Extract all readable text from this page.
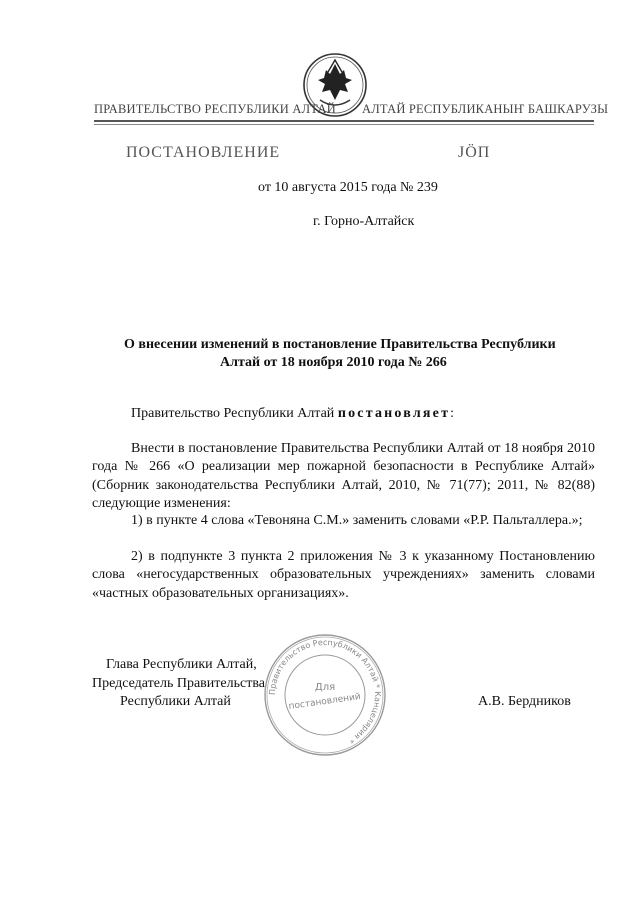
ПРАВИТЕЛЬСТВО РЕСПУБЛИКИ АЛТАЙ АЛТАЙ РЕСПУБЛИКАНЫҤ БАШКАРУЗЫ
ПОСТАНОВЛЕНИЕ	ЈӦП
от 10 августа 2015 года № 239
г. Горно-Алтайск
О внесении изменений в постановление Правительства Республики
Алтай от 18 ноября 2010 года № 266
Правительство Республики Алтай постановляет:
Внести в постановление Правительства Республики Алтай от 18 ноября 2010 года № 266 «О реализации мер пожарной безопасности в Республике Алтай» (Сборник законодательства Республики Алтай, 2010, № 71(77); 2011, № 82(88) следующие изменения:
1) в пункте 4 слова «Тевоняна С.М.» заменить словами «Р.Р. Пальталлера.»;
2) в подпункте 3 пункта 2 приложения № 3 к указанному Постановлению слова «негосударственных образовательных учреждениях» заменить словами «частных образовательных организациях».
Правительство Республики Алтай * Канцелярия *
Для
постановлений
Глава Республики Алтай,
Председатель Правительства
Республики Алтай	А.В. Бердников
